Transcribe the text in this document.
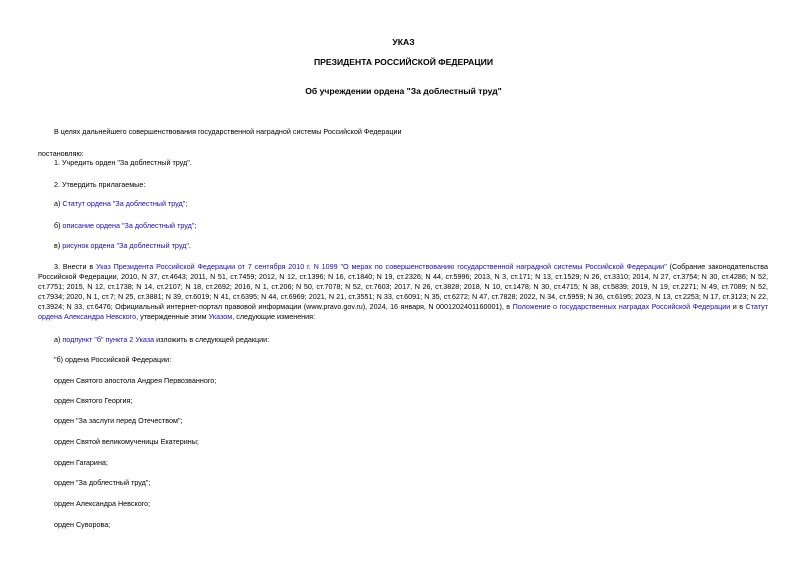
УКАЗ
ПРЕЗИДЕНТА РОССИЙСКОЙ ФЕДЕРАЦИИ
Об учреждении ордена "За доблестный труд"
В целях дальнейшего совершенствования государственной наградной системы Российской Федерации
постановляю:
1. Учредить орден "За доблестный труд".
2. Утвердить прилагаемые:
а) Статут ордена "За доблестный труд";
б) описание ордена "За доблестный труд";
в) рисунок ордена "За доблестный труд".
3. Внести в Указ Президента Российской Федерации от 7 сентября 2010 г. N 1099 "О мерах по совершенствованию государственной наградной системы Российской Федерации" (Собрание законодательства Российской Федерации, 2010, N 37, ст.4643; 2011, N 51, ст.7459; 2012, N 12, ст.1396; N 16, ст.1840; N 19, ст.2326; N 44, ст.5996; 2013, N 3, ст.171; N 13, ст.1529; N 26, ст.3310; 2014, N 27, ст.3754; N 30, ст.4286; N 52, ст.7751; 2015, N 12, ст.1738; N 14, ст.2107; N 18, ст.2692; 2016, N 1, ст.206; N 50, ст.7078; N 52, ст.7603; 2017, N 26, ст.3828; 2018, N 10, ст.1478; N 30, ст.4715; N 38, ст.5839; 2019, N 19, ст.2271; N 49, ст.7089; N 52, ст.7934; 2020, N 1, ст.7; N 25, ст.3881; N 39, ст.6019; N 41, ст.6395; N 44, ст.6969; 2021, N 21, ст.3551; N 33, ст.6091; N 35, ст.6272; N 47, ст.7828; 2022, N 34, ст.5959; N 36, ст.6195; 2023, N 13, ст.2253; N 17, ст.3123; N 22, ст.3924; N 33, ст.6476; Официальный интернет-портал правовой информации (www.pravo.gov.ru), 2024, 16 января, N 0001202401160001), в Положение о государственных наградах Российской Федерации и в Статут ордена Александра Невского, утвержденные этим Указом, следующие изменения:
а) подпункт "б" пункта 2 Указа изложить в следующей редакции:
"б) ордена Российской Федерации:
орден Святого апостола Андрея Первозванного;
орден Святого Георгия;
орден "За заслуги перед Отечеством";
орден Святой великомученицы Екатерины;
орден Гагарина;
орден "За доблестный труд";
орден Александра Невского;
орден Суворова;
